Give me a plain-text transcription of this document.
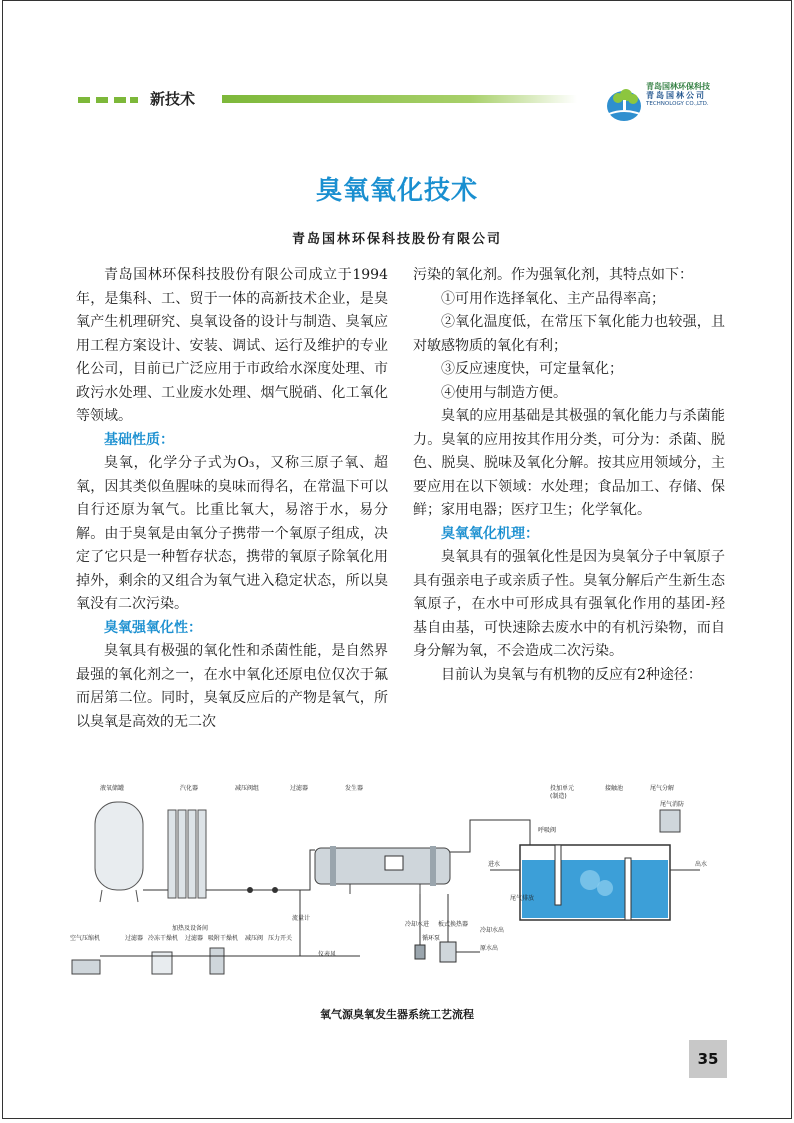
新技术
青岛国林环保科技
青岛国林公司
TECHNOLOGY CO.,LTD.
臭氧氧化技术
青岛国林环保科技股份有限公司

青岛国林环保科技股份有限公司成立于1994年，是集科、工、贸于一体的高新技术企业，是臭氧产生机理研究、臭氧设备的设计与制造、臭氧应用工程方案设计、安装、调试、运行及维护的专业化公司，目前已广泛应用于市政给水深度处理、市政污水处理、工业废水处理、烟气脱硝、化工氧化等领域。

基础性质：

臭氧，化学分子式为O₃，又称三原子氧、超氧，因其类似鱼腥味的臭味而得名，在常温下可以自行还原为氧气。比重比氧大，易溶于水，易分解。由于臭氧是由氧分子携带一个氧原子组成，决定了它只是一种暂存状态，携带的氧原子除氧化用掉外，剩余的又组合为氧气进入稳定状态，所以臭氧没有二次污染。

臭氧强氧化性：

臭氧具有极强的氧化性和杀菌性能，是自然界最强的氧化剂之一，在水中氧化还原电位仅次于氟而居第二位。同时，臭氧反应后的产物是氧气，所以臭氧是高效的无二次

污染的氧化剂。作为强氧化剂，其特点如下：

①可用作选择氧化、主产品得率高；

②氧化温度低，在常压下氧化能力也较强，且对敏感物质的氧化有利；

③反应速度快，可定量氧化；

④使用与制造方便。

臭氧的应用基础是其极强的氧化能力与杀菌能力。臭氧的应用按其作用分类，可分为：杀菌、脱色、脱臭、脱味及氧化分解。按其应用领域分，主要应用在以下领域：水处理；食品加工、存储、保鲜；家用电器；医疗卫生；化学氧化。

臭氧氧化机理：

臭氧具有的强氧化性是因为臭氧分子中氧原子具有强亲电子或亲质子性。臭氧分解后产生新生态氧原子，在水中可形成具有强氧化作用的基团-羟基自由基，可快速除去废水中的有机污染物，而自身分解为氧，不会造成二次污染。

目前认为臭氧与有机物的反应有2种途径：

液氧储罐	汽化器	减压阀组	过滤器	发生器	投加单元
(制造)
接触池	尾气分解
呼吸阀
尾气消防
进水	出水
尾气排放
加热及设备间
空气压缩机	过滤器 冷冻干燥机 过滤器 吸附干燥机 减压阀 压力开关
流量计
仪表风
冷却水进 板式换热器
冷却水出
循环泵
原水出
氧气源臭氧发生器系统工艺流程
35
